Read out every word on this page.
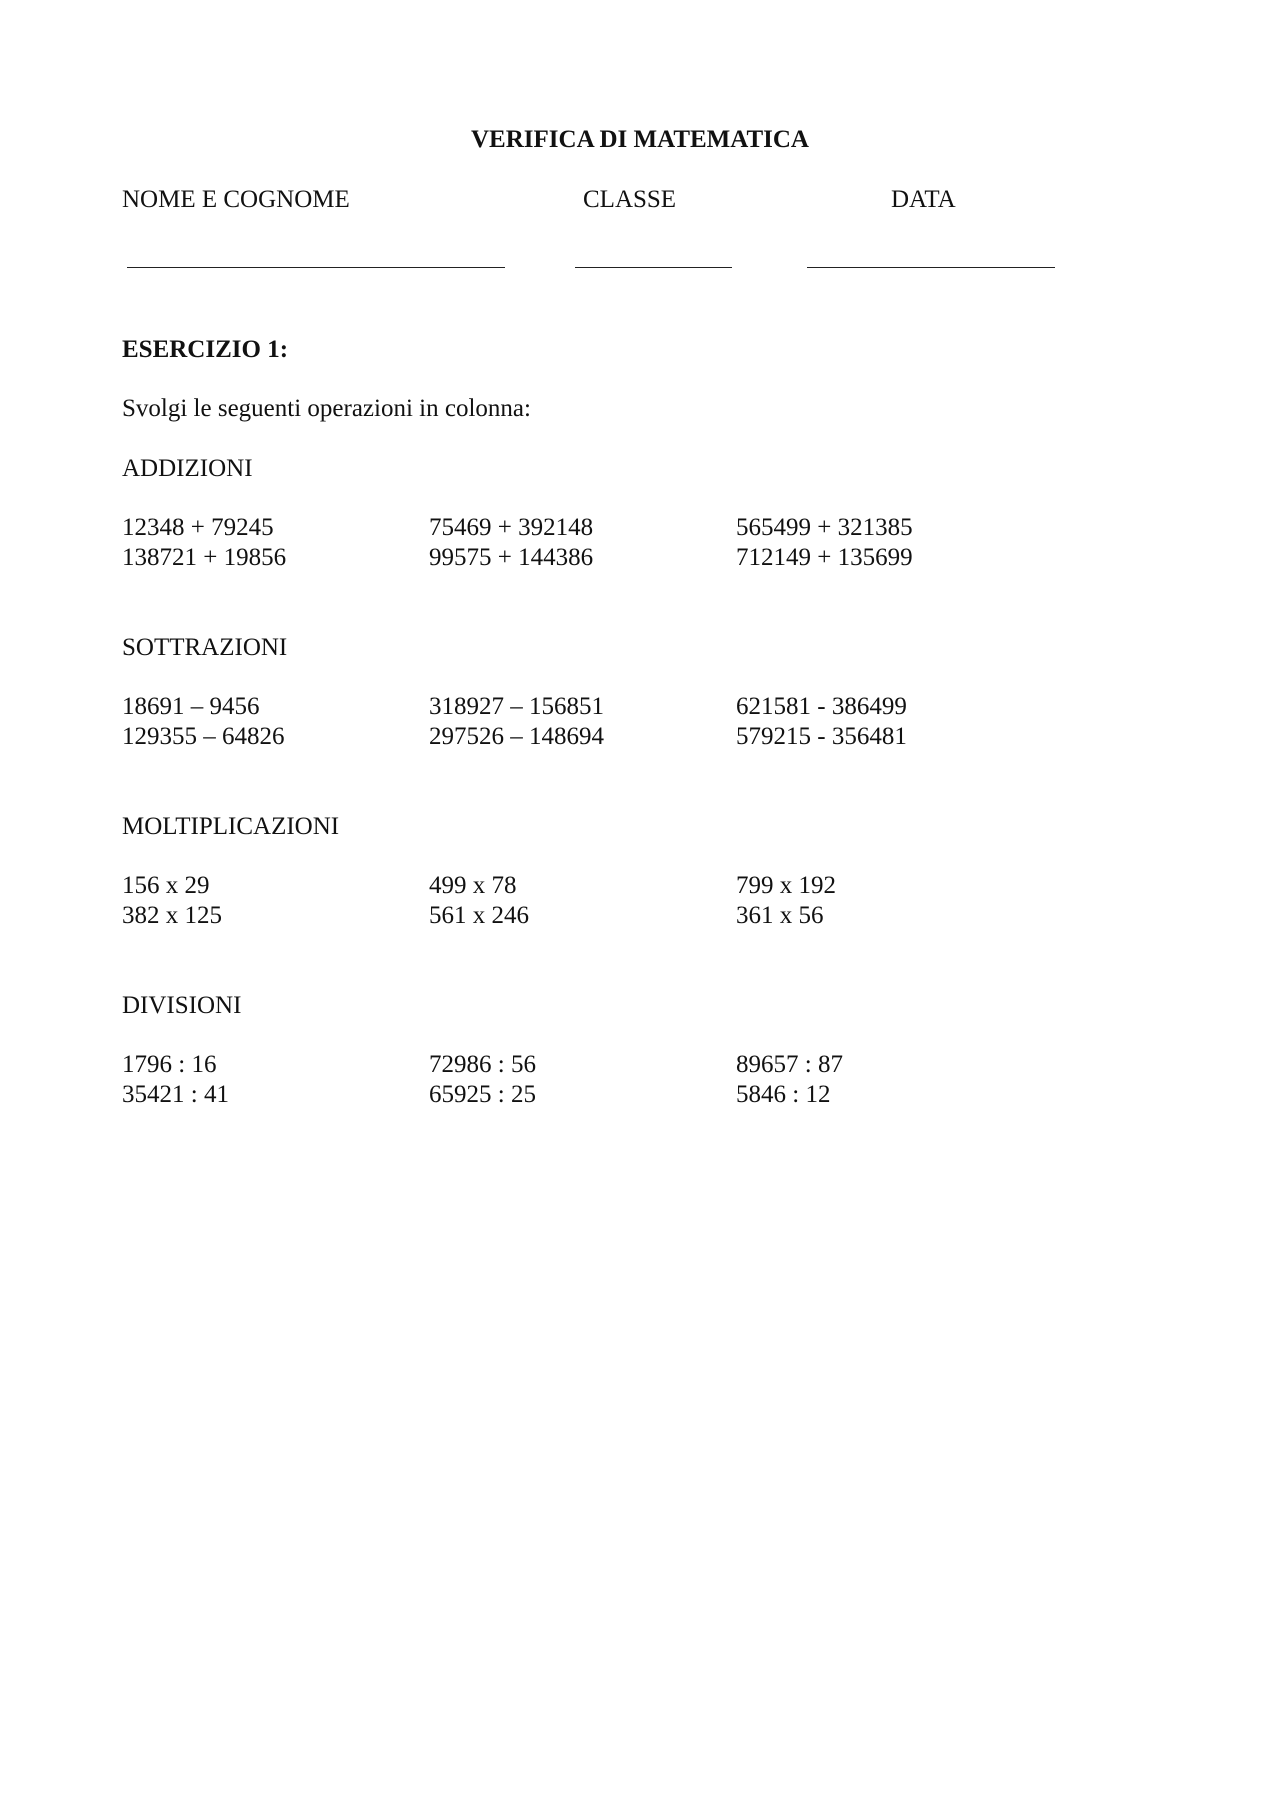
VERIFICA DI MATEMATICA
NOME E COGNOME	CLASSE	DATA
ESERCIZIO 1:
Svolgi le seguenti operazioni in colonna:
ADDIZIONI
12348 + 79245
138721 + 19856
75469 + 392148
99575 + 144386
565499 + 321385
712149 + 135699
SOTTRAZIONI
18691 – 9456
129355 – 64826
318927 – 156851
297526 – 148694
621581 - 386499
579215 - 356481
MOLTIPLICAZIONI
156 x 29
382 x 125
499 x 78
561 x 246
799 x 192
361 x 56
DIVISIONI
1796 : 16
35421 : 41
72986 : 56
65925 : 25
89657 : 87
5846 : 12
